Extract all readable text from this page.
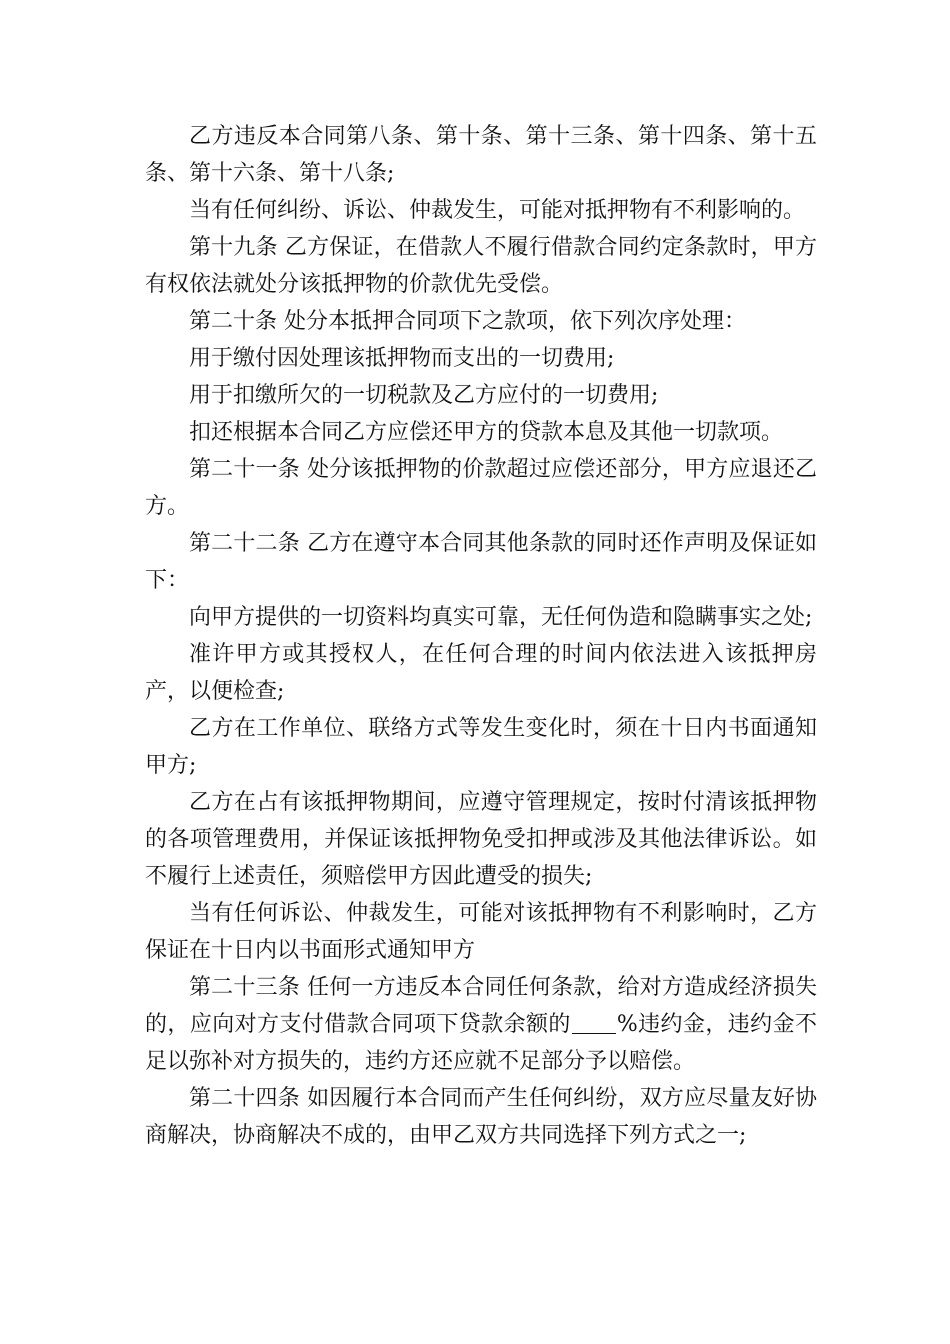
乙方违反本合同第八条、第十条、第十三条、第十四条、第十五条、第十六条、第十八条;

当有任何纠纷、诉讼、仲裁发生，可能对抵押物有不利影响的。

第十九条 乙方保证，在借款人不履行借款合同约定条款时，甲方有权依法就处分该抵押物的价款优先受偿。

第二十条 处分本抵押合同项下之款项，依下列次序处理：

用于缴付因处理该抵押物而支出的一切费用;

用于扣缴所欠的一切税款及乙方应付的一切费用;

扣还根据本合同乙方应偿还甲方的贷款本息及其他一切款项。

第二十一条 处分该抵押物的价款超过应偿还部分，甲方应退还乙方。

第二十二条 乙方在遵守本合同其他条款的同时还作声明及保证如下：

向甲方提供的一切资料均真实可靠，无任何伪造和隐瞒事实之处;

准许甲方或其授权人，在任何合理的时间内依法进入该抵押房产，以便检查;

乙方在工作单位、联络方式等发生变化时，须在十日内书面通知甲方;

乙方在占有该抵押物期间，应遵守管理规定，按时付清该抵押物的各项管理费用，并保证该抵押物免受扣押或涉及其他法律诉讼。如不履行上述责任，须赔偿甲方因此遭受的损失;

当有任何诉讼、仲裁发生，可能对该抵押物有不利影响时，乙方保证在十日内以书面形式通知甲方

第二十三条 任何一方违反本合同任何条款，给对方造成经济损失的，应向对方支付借款合同项下贷款余额的 %违约金，违约金不足以弥补对方损失的，违约方还应就不足部分予以赔偿。

第二十四条 如因履行本合同而产生任何纠纷，双方应尽量友好协商解决，协商解决不成的，由甲乙双方共同选择下列方式之一;
